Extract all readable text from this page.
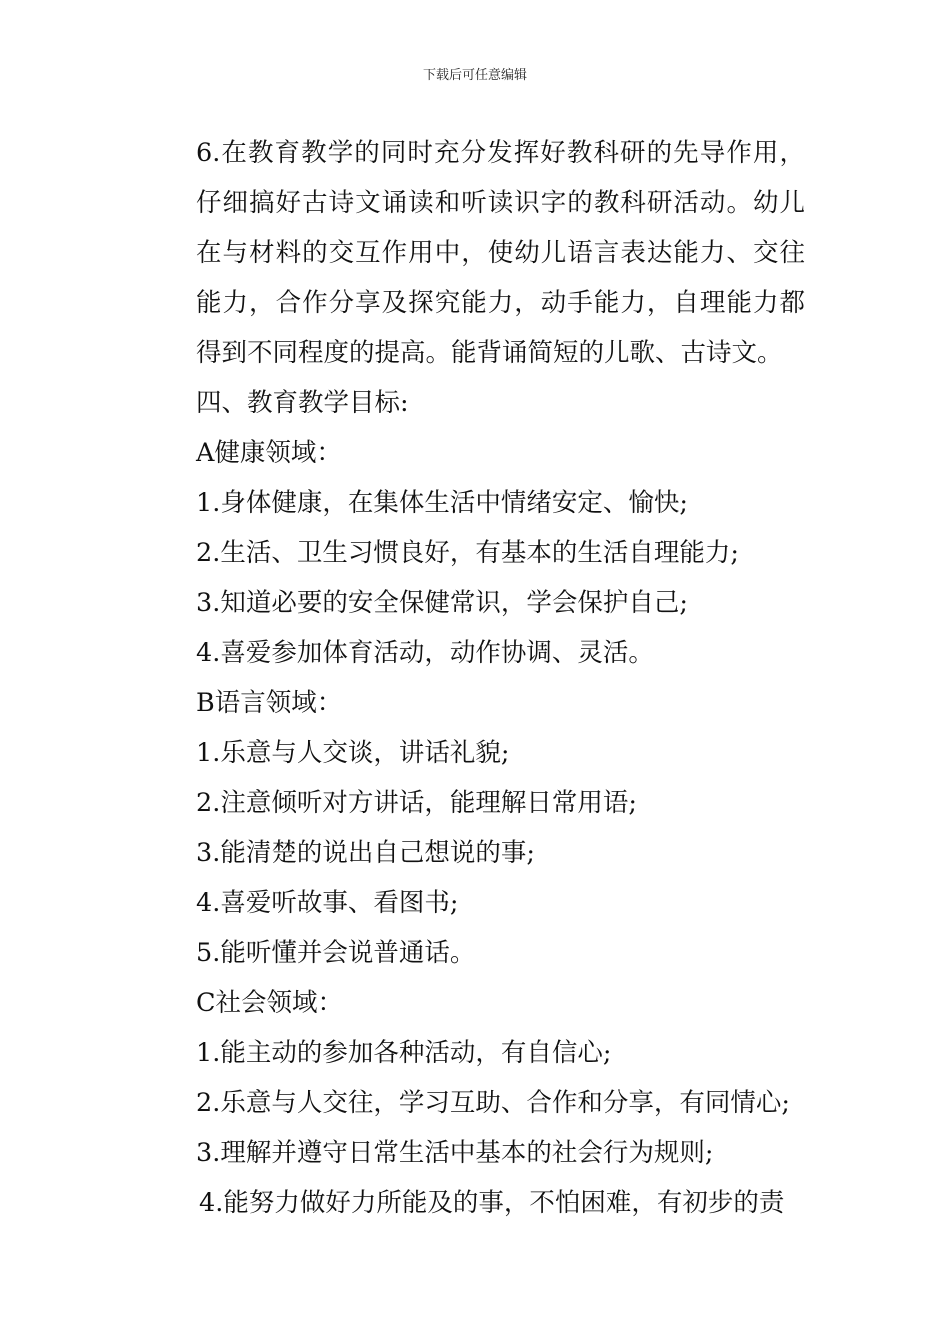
下载后可任意编辑

6.在教育教学的同时充分发挥好教科研的先导作用，仔细搞好古诗文诵读和听读识字的教科研活动。幼儿在与材料的交互作用中，使幼儿语言表达能力、交往能力，合作分享及探究能力，动手能力，自理能力都得到不同程度的提高。能背诵简短的儿歌、古诗文。

四、教育教学目标:

A健康领域：

1.身体健康，在集体生活中情绪安定、愉快;

2.生活、卫生习惯良好，有基本的生活自理能力;

3.知道必要的安全保健常识，学会保护自己;

4.喜爱参加体育活动，动作协调、灵活。

B语言领域：

1.乐意与人交谈，讲话礼貌;

2.注意倾听对方讲话，能理解日常用语;

3.能清楚的说出自己想说的事;

4.喜爱听故事、看图书;

5.能听懂并会说普通话。

C社会领域：

1.能主动的参加各种活动，有自信心;

2.乐意与人交往，学习互助、合作和分享，有同情心;

3.理解并遵守日常生活中基本的社会行为规则;

4.能努力做好力所能及的事，不怕困难，有初步的责
